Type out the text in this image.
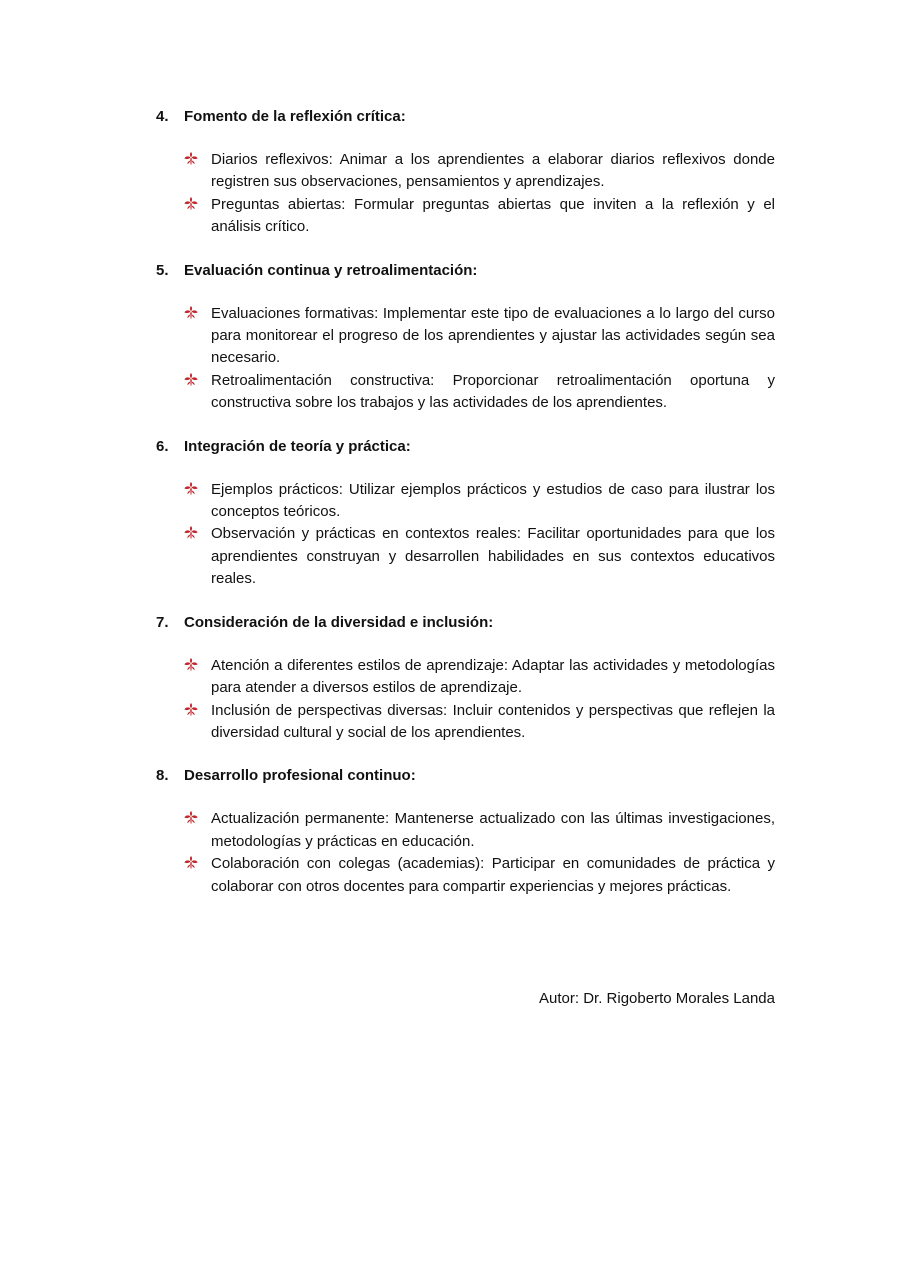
4.	Fomento de la reflexión crítica:
Diarios reflexivos: Animar a los aprendientes a elaborar diarios reflexivos donde registren sus observaciones, pensamientos y aprendizajes.
Preguntas abiertas: Formular preguntas abiertas que inviten a la reflexión y el análisis crítico.
5.	Evaluación continua y retroalimentación:
Evaluaciones formativas: Implementar este tipo de evaluaciones a lo largo del curso para monitorear el progreso de los aprendientes y ajustar las actividades según sea necesario.
Retroalimentación constructiva: Proporcionar retroalimentación oportuna y constructiva sobre los trabajos y las actividades de los aprendientes.
6.	Integración de teoría y práctica:
Ejemplos prácticos: Utilizar ejemplos prácticos y estudios de caso para ilustrar los conceptos teóricos.
Observación y prácticas en contextos reales: Facilitar oportunidades para que los aprendientes construyan y desarrollen habilidades en sus contextos educativos reales.
7.	Consideración de la diversidad e inclusión:
Atención a diferentes estilos de aprendizaje: Adaptar las actividades y metodologías para atender a diversos estilos de aprendizaje.
Inclusión de perspectivas diversas: Incluir contenidos y perspectivas que reflejen la diversidad cultural y social de los aprendientes.
8.	Desarrollo profesional continuo:
Actualización permanente: Mantenerse actualizado con las últimas investigaciones, metodologías y prácticas en educación.
Colaboración con colegas (academias): Participar en comunidades de práctica y colaborar con otros docentes para compartir experiencias y mejores prácticas.
Autor: Dr. Rigoberto Morales Landa
